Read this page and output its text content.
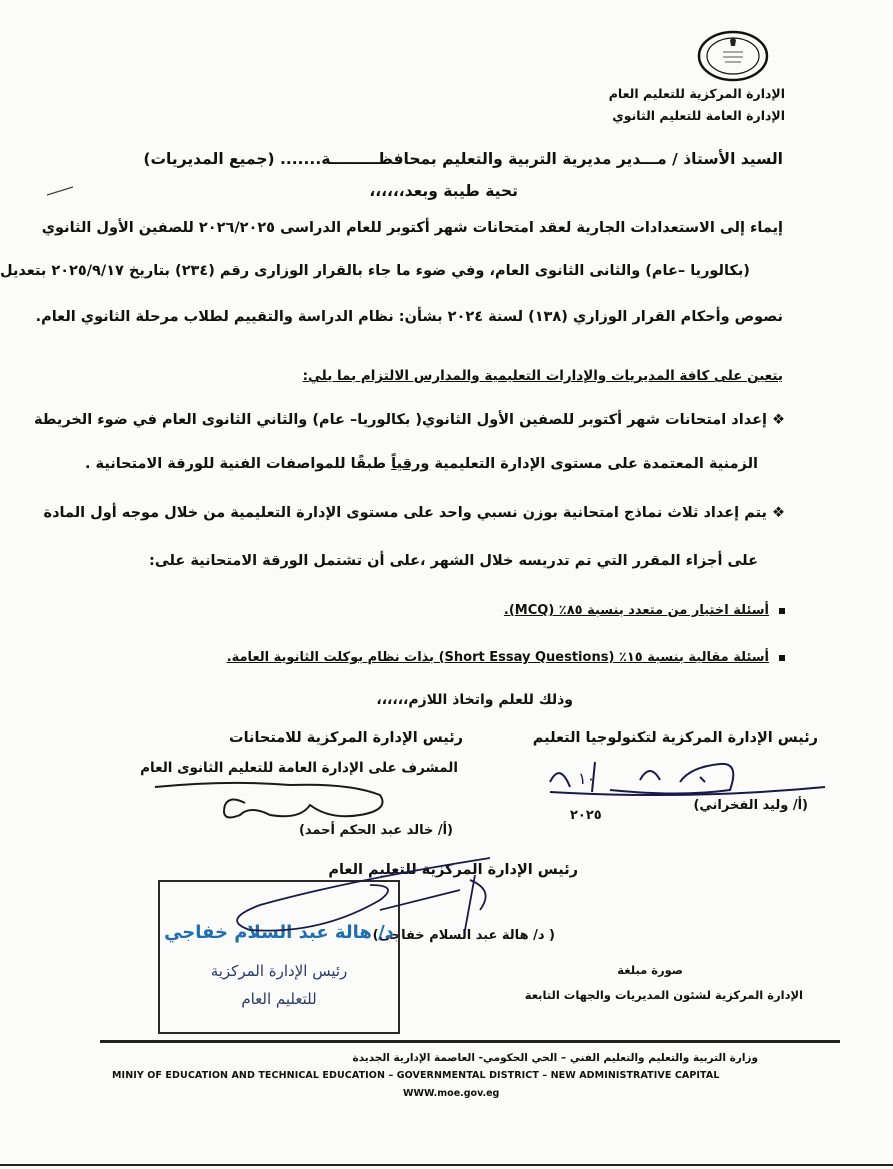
الإدارة المركزية للتعليم العام
الإدارة العامة للتعليم الثانوي
السيد الأستاذ / مـــدير مديرية التربية والتعليم بمحافظـــــــــة....... (جميع المديريات)
تحية طيبة وبعد،،،،،،
إيماء إلى الاستعدادات الجارية لعقد امتحانات شهر أكتوبر للعام الدراسى ٢٠٢٦/٢٠٢٥ للصفين الأول الثانوي
(بكالوريا –عام) والثانى الثانوى العام، وفي ضوء ما جاء بالقرار الوزارى رقم (٢٣٤) بتاريخ ٢٠٢٥/٩/١٧ بتعديل
نصوص وأحكام القرار الوزاري (١٣٨) لسنة ٢٠٢٤ بشأن: نظام الدراسة والتقييم لطلاب مرحلة الثانوي العام.
يتعين على كافة المديريات والإدارات التعليمية والمدارس الالتزام بما يلي:
❖ إعداد امتحانات شهر أكتوبر للصفين الأول الثانوي( بكالوريا– عام) والثاني الثانوى العام في ضوء الخريطة
الزمنية المعتمدة على مستوى الإدارة التعليمية ورقياً طبقًا للمواصفات الفنية للورقة الامتحانية .
❖ يتم إعداد ثلاث نماذج امتحانية بوزن نسبي واحد على مستوى الإدارة التعليمية من خلال موجه أول المادة
على أجزاء المقرر التي تم تدريسه خلال الشهر ،على أن تشتمل الورقة الامتحانية على:
أسئلة اختيار من متعدد بنسبة ٨٥٪ (MCQ).
أسئلة مقالية بنسبة ١٥٪ (Short Essay Questions) بذات نظام بوكلت الثانوية العامة.
وذلك للعلم واتخاذ اللازم،،،،،،
رئيس الإدارة المركزية لتكنولوجيا التعليم
١٠
(أ/ وليد الفخراني)
٢٠٢٥
رئيس الإدارة المركزية للامتحانات
المشرف على الإدارة العامة للتعليم الثانوى العام
(أ/ خالد عبد الحكم أحمد)
رئيس الإدارة المركزية للتعليم العام
( د/ هالة عبد السلام خفاجى)
د/ هالة عبد السلام خفاجي
رئيس الإدارة المركزية
للتعليم العام
صورة مبلغة
الإدارة المركزية لشئون المديريات والجهات التابعة
وزارة التربية والتعليم والتعليم الفني – الحي الحكومي- العاصمة الإدارية الجديدة
MINIY OF EDUCATION AND TECHNICAL EDUCATION – GOVERNMENTAL DISTRICT – NEW ADMINISTRATIVE CAPITAL
WWW.moe.gov.eg
